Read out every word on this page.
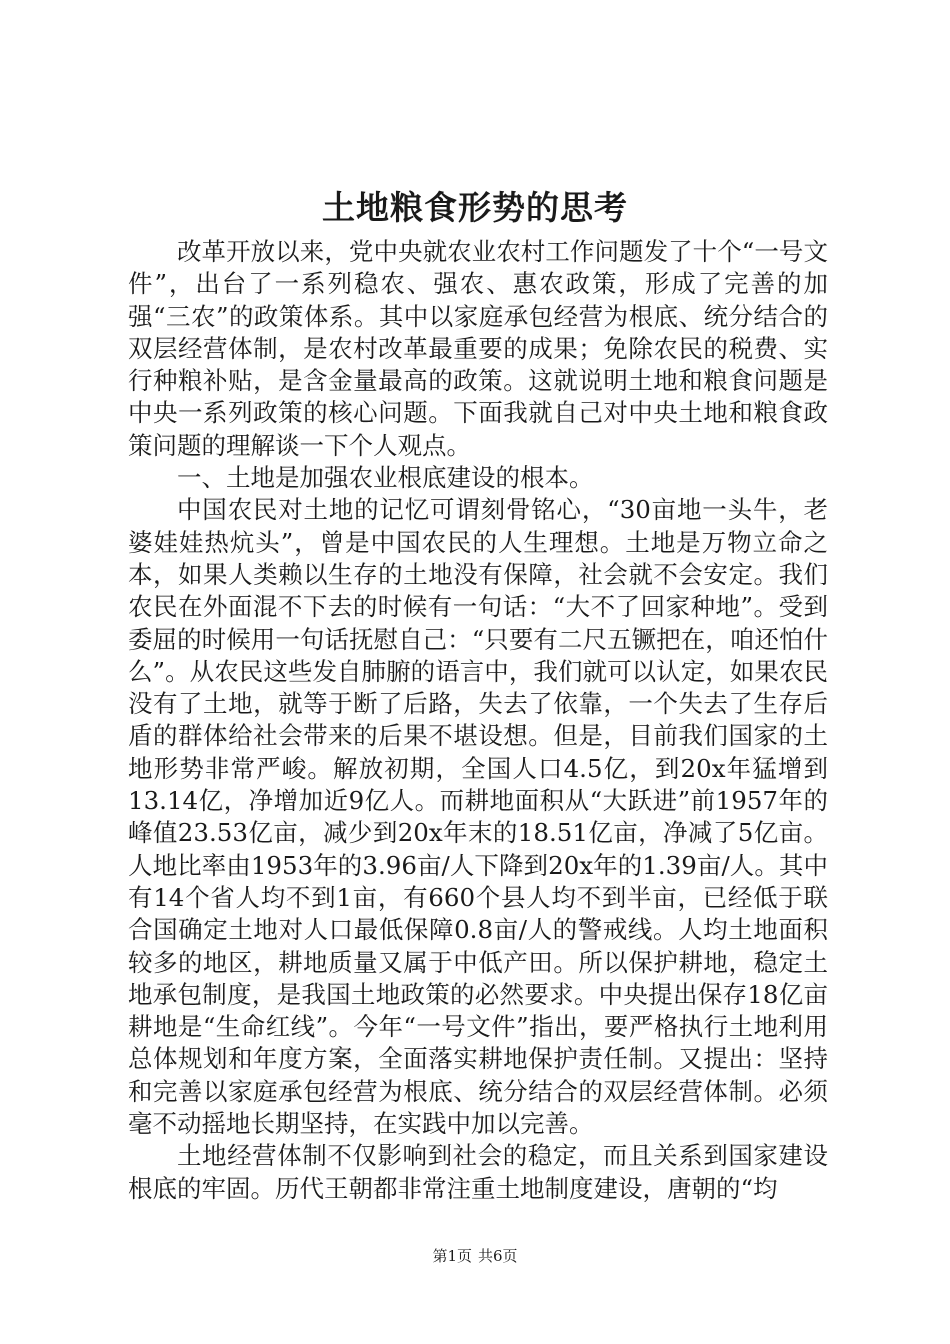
土地粮食形势的思考

改革开放以来，党中央就农业农村工作问题发了十个“一号文件”，出台了一系列稳农、强农、惠农政策，形成了完善的加强“三农”的政策体系。其中以家庭承包经营为根底、统分结合的双层经营体制，是农村改革最重要的成果；免除农民的税费、实行种粮补贴，是含金量最高的政策。这就说明土地和粮食问题是中央一系列政策的核心问题。下面我就自己对中央土地和粮食政策问题的理解谈一下个人观点。

一、土地是加强农业根底建设的根本。

中国农民对土地的记忆可谓刻骨铭心，“30亩地一头牛，老婆娃娃热炕头”，曾是中国农民的人生理想。土地是万物立命之本，如果人类赖以生存的土地没有保障，社会就不会安定。我们农民在外面混不下去的时候有一句话：“大不了回家种地”。受到委屈的时候用一句话抚慰自己：“只要有二尺五镢把在，咱还怕什么”。从农民这些发自肺腑的语言中，我们就可以认定，如果农民没有了土地，就等于断了后路，失去了依靠，一个失去了生存后盾的群体给社会带来的后果不堪设想。但是，目前我们国家的土地形势非常严峻。解放初期，全国人口4.5亿，到20x年猛增到13.14亿，净增加近9亿人。而耕地面积从“大跃进”前1957年的峰值23.53亿亩，减少到20x年末的18.51亿亩，净减了5亿亩。人地比率由1953年的3.96亩/人下降到20x年的1.39亩/人。其中有14个省人均不到1亩，有660个县人均不到半亩，已经低于联合国确定土地对人口最低保障0.8亩/人的警戒线。人均土地面积较多的地区，耕地质量又属于中低产田。所以保护耕地，稳定土地承包制度，是我国土地政策的必然要求。中央提出保存18亿亩耕地是“生命红线”。今年“一号文件”指出，要严格执行土地利用总体规划和年度方案，全面落实耕地保护责任制。又提出：坚持和完善以家庭承包经营为根底、统分结合的双层经营体制。必须毫不动摇地长期坚持，在实践中加以完善。

土地经营体制不仅影响到社会的稳定，而且关系到国家建设根底的牢固。历代王朝都非常注重土地制度建设，唐朝的“均

第1页 共6页
